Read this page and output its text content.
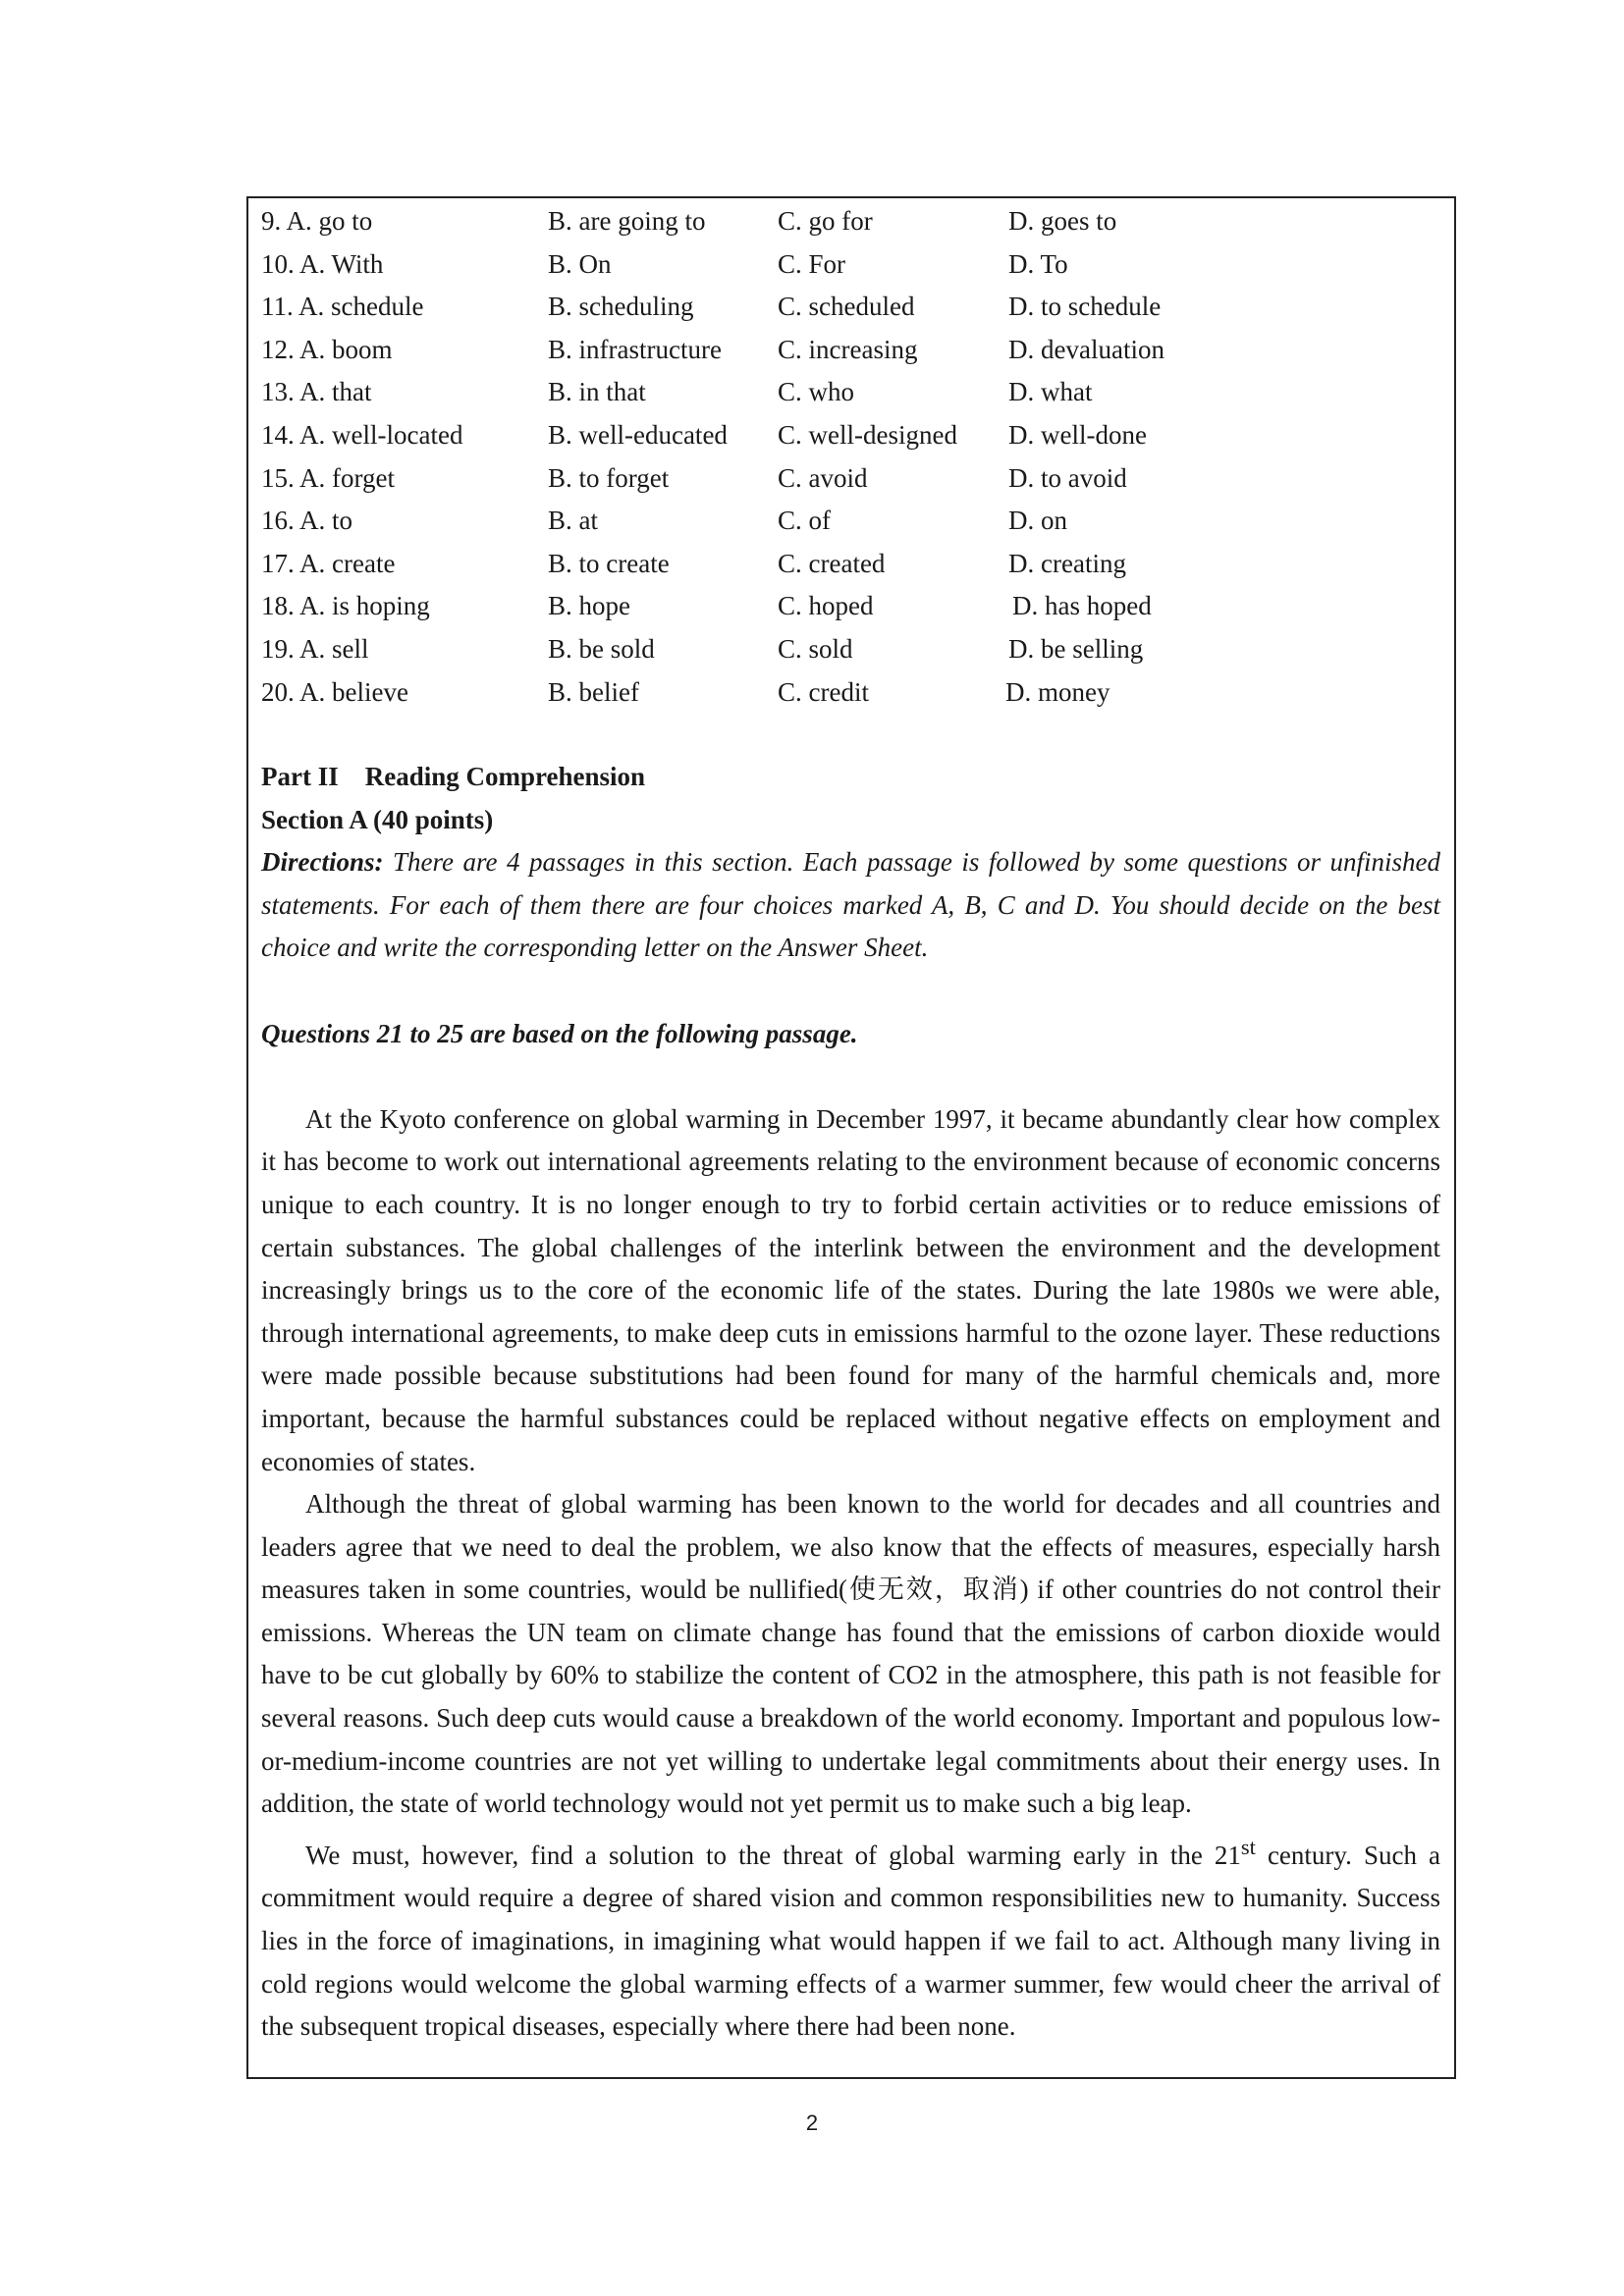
9. A. go to	B. are going to	C. go for	D. goes to
10. A. With	B. On	C. For	D. To
11. A. schedule	B. scheduling	C. scheduled	D. to schedule
12. A. boom	B. infrastructure C. increasing	D. devaluation
13. A. that	B. in that	C. who	D. what
14. A. well-located	B. well-educated C. well-designed D. well-done
15. A. forget	B. to forget	C. avoid	D. to avoid
16. A. to	B. at	C. of	D. on
17. A. create	B. to create	C. created	D. creating
18. A. is hoping	B. hope	C. hoped	D. has hoped
19. A. sell	B. be sold	C. sold	D. be selling
20. A. believe	B. belief	C. credit	D. money
Part II    Reading Comprehension
Section A (40 points)
Directions: There are 4 passages in this section. Each passage is followed by some questions or unfinished statements. For each of them there are four choices marked A, B, C and D. You should decide on the best choice and write the corresponding letter on the Answer Sheet.
Questions 21 to 25 are based on the following passage.

At the Kyoto conference on global warming in December 1997, it became abundantly clear how complex it has become to work out international agreements relating to the environment because of economic concerns unique to each country. It is no longer enough to try to forbid certain activities or to reduce emissions of certain substances. The global challenges of the interlink between the environment and the development increasingly brings us to the core of the economic life of the states. During the late 1980s we were able, through international agreements, to make deep cuts in emissions harmful to the ozone layer. These reductions were made possible because substitutions had been found for many of the harmful chemicals and, more important, because the harmful substances could be replaced without negative effects on employment and economies of states.

Although the threat of global warming has been known to the world for decades and all countries and leaders agree that we need to deal the problem, we also know that the effects of measures, especially harsh measures taken in some countries, would be nullified(使无效，取消) if other countries do not control their emissions. Whereas the UN team on climate change has found that the emissions of carbon dioxide would have to be cut globally by 60% to stabilize the content of CO2 in the atmosphere, this path is not feasible for several reasons. Such deep cuts would cause a breakdown of the world economy. Important and populous low-or-medium-income countries are not yet willing to undertake legal commitments about their energy uses. In addition, the state of world technology would not yet permit us to make such a big leap.

We must, however, find a solution to the threat of global warming early in the 21st century. Such a commitment would require a degree of shared vision and common responsibilities new to humanity. Success lies in the force of imaginations, in imagining what would happen if we fail to act. Although many living in cold regions would welcome the global warming effects of a warmer summer, few would cheer the arrival of the subsequent tropical diseases, especially where there had been none.

2
